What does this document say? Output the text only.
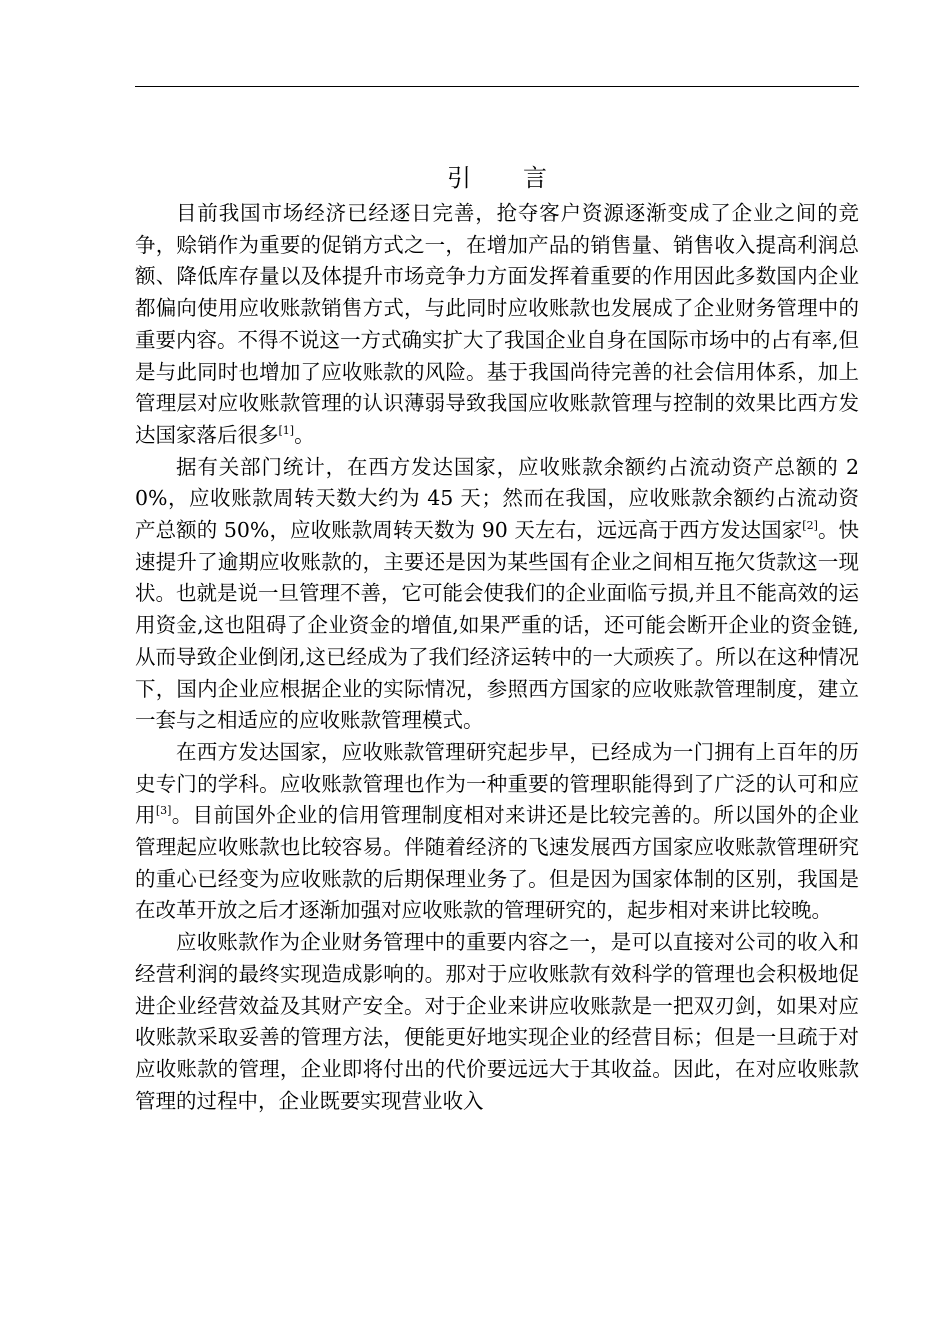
引 言

目前我国市场经济已经逐日完善，抢夺客户资源逐渐变成了企业之间的竞争，赊销作为重要的促销方式之一，在增加产品的销售量、销售收入提高利润总额、降低库存量以及体提升市场竞争力方面发挥着重要的作用因此多数国内企业都偏向使用应收账款销售方式，与此同时应收账款也发展成了企业财务管理中的重要内容。不得不说这一方式确实扩大了我国企业自身在国际市场中的占有率,但是与此同时也增加了应收账款的风险。基于我国尚待完善的社会信用体系，加上管理层对应收账款管理的认识薄弱导致我国应收账款管理与控制的效果比西方发达国家落后很多[1]。

据有关部门统计，在西方发达国家，应收账款余额约占流动资产总额的 20%，应收账款周转天数大约为 45 天；然而在我国，应收账款余额约占流动资产总额的 50%，应收账款周转天数为 90 天左右，远远高于西方发达国家[2]。快速提升了逾期应收账款的，主要还是因为某些国有企业之间相互拖欠货款这一现状。也就是说一旦管理不善，它可能会使我们的企业面临亏损,并且不能高效的运用资金,这也阻碍了企业资金的增值,如果严重的话，还可能会断开企业的资金链,从而导致企业倒闭,这已经成为了我们经济运转中的一大顽疾了。所以在这种情况下，国内企业应根据企业的实际情况，参照西方国家的应收账款管理制度，建立一套与之相适应的应收账款管理模式。

在西方发达国家，应收账款管理研究起步早，已经成为一门拥有上百年的历史专门的学科。应收账款管理也作为一种重要的管理职能得到了广泛的认可和应用[3]。目前国外企业的信用管理制度相对来讲还是比较完善的。所以国外的企业管理起应收账款也比较容易。伴随着经济的飞速发展西方国家应收账款管理研究的重心已经变为应收账款的后期保理业务了。但是因为国家体制的区别，我国是在改革开放之后才逐渐加强对应收账款的管理研究的，起步相对来讲比较晚。

应收账款作为企业财务管理中的重要内容之一，是可以直接对公司的收入和经营利润的最终实现造成影响的。那对于应收账款有效科学的管理也会积极地促进企业经营效益及其财产安全。对于企业来讲应收账款是一把双刃剑，如果对应收账款采取妥善的管理方法，便能更好地实现企业的经营目标；但是一旦疏于对应收账款的管理，企业即将付出的代价要远远大于其收益。因此，在对应收账款管理的过程中，企业既要实现营业收入
